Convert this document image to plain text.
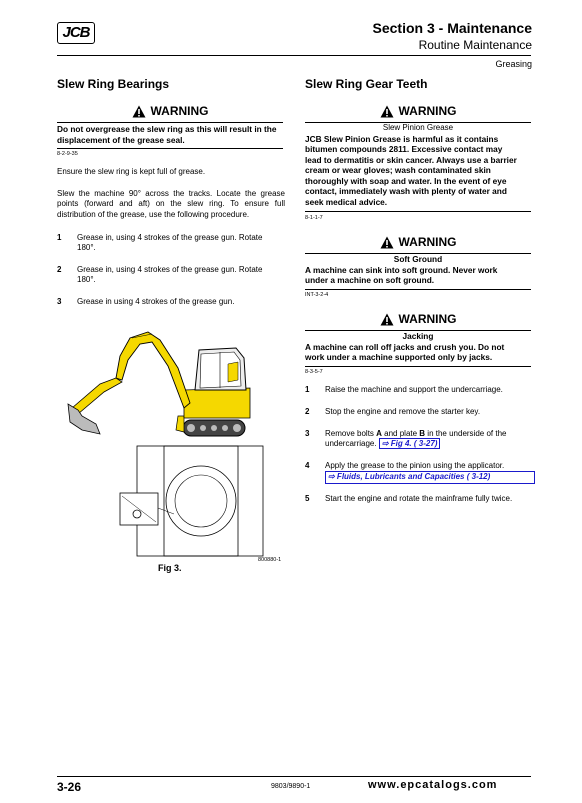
JCB	Section 3 - Maintenance
Routine Maintenance
Greasing
Slew Ring Bearings
WARNING
Do not overgrease the slew ring as this will result in the displacement of the grease seal.
8-2-9-35
Ensure the slew ring is kept full of grease.
Slew the machine 90° across the tracks. Locate the grease points (forward and aft) on the slew ring. To ensure full distribution of the grease, use the following procedure.
1 Grease in, using 4 strokes of the grease gun. Rotate
180°.
2 Grease in, using 4 strokes of the grease gun. Rotate
180°.
3 Grease in using 4 strokes of the grease gun.
800880-1
Fig 3.
Slew Ring Gear Teeth
WARNING
Slew Pinion Grease
JCB Slew Pinion Grease is harmful as it contains
bitumen compounds 2811. Excessive contact may
lead to dermatitis or skin cancer. Always use a barrier
cream or wear gloves; wash contaminated skin
thoroughly with soap and water. In the event of eye
contact, immediately wash with plenty of water and
seek medical advice.
8-1-1-7
WARNING
Soft Ground
A machine can sink into soft ground. Never work
under a machine on soft ground.
INT-3-2-4
WARNING
Jacking
A machine can roll off jacks and crush you. Do not
work under a machine supported only by jacks.
8-3-5-7
1 Raise the machine and support the undercarriage.
2 Stop the engine and remove the starter key.
3 Remove bolts A and plate B in the underside of the
undercarriage. ⇨ Fig 4. ( 3-27)
4 Apply the grease to the pinion using the applicator.
⇨ Fluids, Lubricants and Capacities ( 3-12)
5 Start the engine and rotate the mainframe fully twice.
3-26	9803/9890-1	www.epcatalogs.com
